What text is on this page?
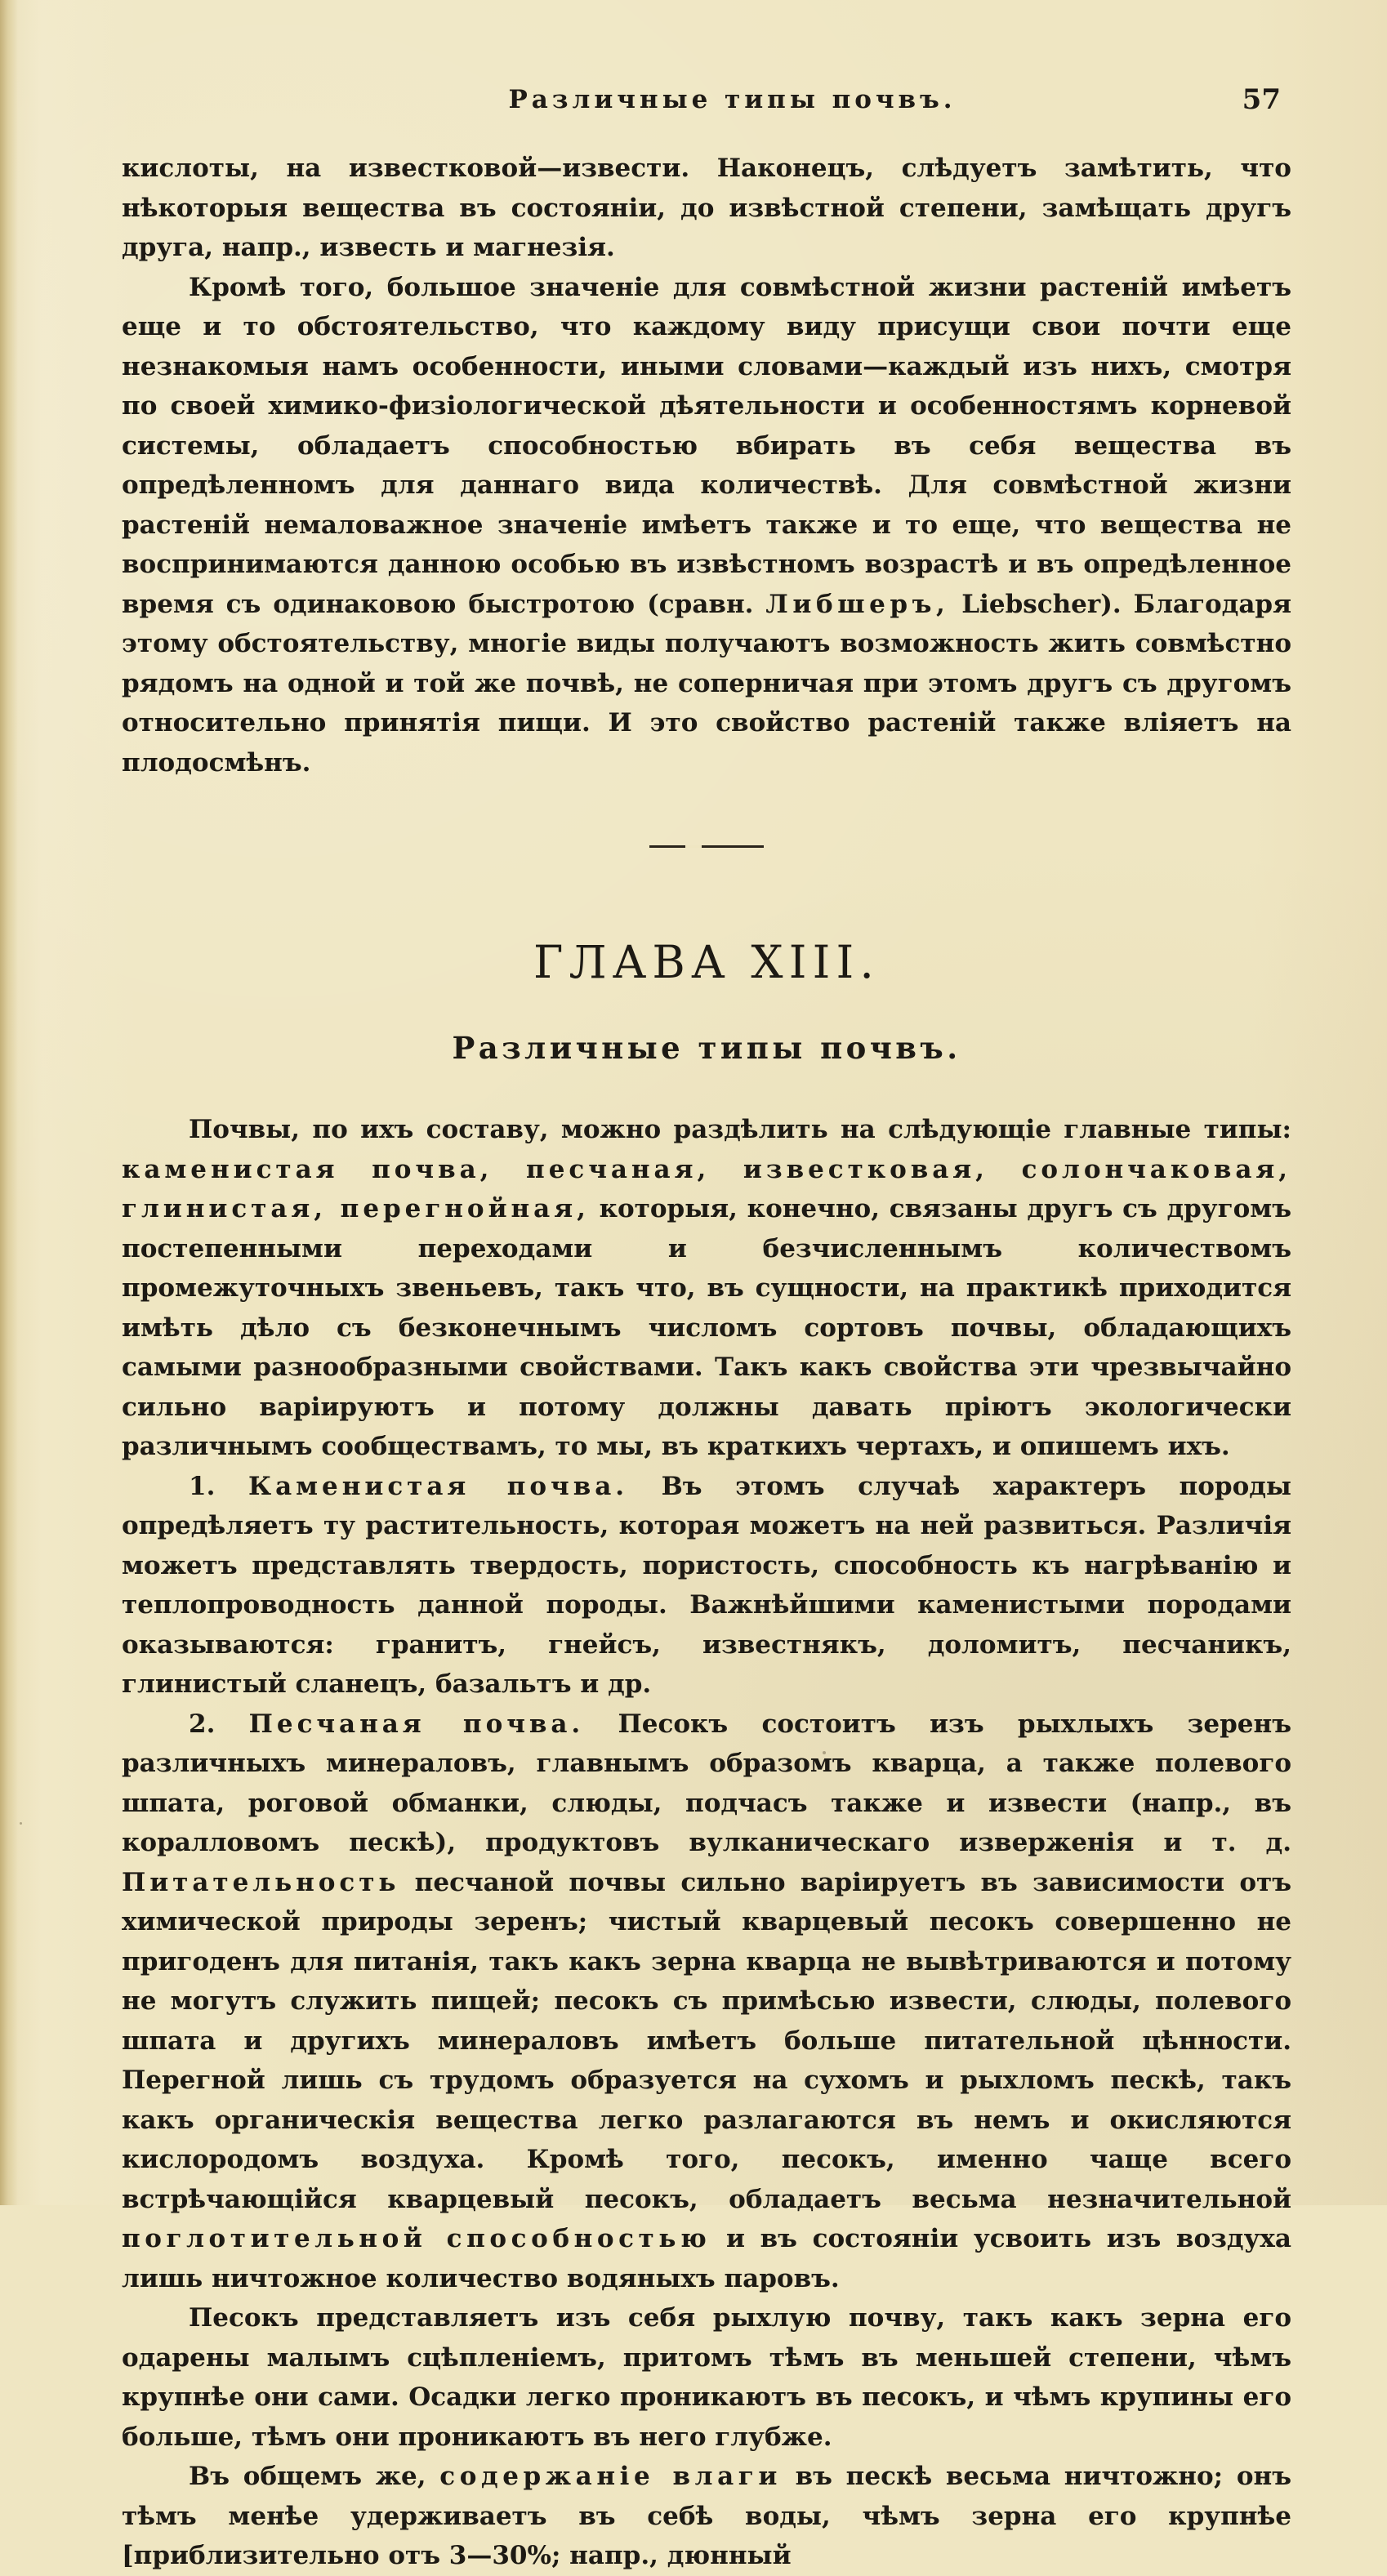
Различные типы почвъ.	57

кислоты, на известковой—извести. Наконецъ, слѣдуетъ замѣтить, что нѣкоторыя вещества въ состояніи, до извѣстной степени, замѣщать другъ друга, напр., известь и магнезія.

Кромѣ того, большое значеніе для совмѣстной жизни растеній имѣетъ еще и то обстоятельство, что каждому виду присущи свои почти еще незнакомыя намъ особенности, иными словами—каждый изъ нихъ, смотря по своей химико-физіологической дѣятельности и особенностямъ корневой системы, обладаетъ способностью вбирать въ себя вещества въ опредѣленномъ для даннаго вида количествѣ. Для совмѣстной жизни растеній немаловажное значеніе имѣетъ также и то еще, что вещества не воспринимаются данною особью въ извѣстномъ возрастѣ и въ опредѣленное время съ одинаковою быстротою (сравн. Либшеръ, Liebscher). Благодаря этому обстоятельству, многіе виды получаютъ возможность жить совмѣстно рядомъ на одной и той же почвѣ, не соперничая при этомъ другъ съ другомъ относительно принятія пищи. И это свойство растеній также вліяетъ на плодосмѣнъ.

ГЛАВА XIII.
Различные типы почвъ.

Почвы, по ихъ составу, можно раздѣлить на слѣдующіе главные типы: каменистая почва, песчаная, известковая, солончаковая, глинистая, перегнойная, которыя, конечно, связаны другъ съ другомъ постепенными переходами и безчисленнымъ количествомъ промежуточныхъ звеньевъ, такъ что, въ сущности, на практикѣ приходится имѣть дѣло съ безконечнымъ числомъ сортовъ почвы, обладающихъ самыми разнообразными свойствами. Такъ какъ свойства эти чрезвычайно сильно варіируютъ и потому должны давать пріютъ экологически различнымъ сообществамъ, то мы, въ краткихъ чертахъ, и опишемъ ихъ.

1. Каменистая почва. Въ этомъ случаѣ характеръ породы опредѣляетъ ту растительность, которая можетъ на ней развиться. Различія можетъ представлять твердость, пористость, способность къ нагрѣванію и теплопроводность данной породы. Важнѣйшими каменистыми породами оказываются: гранитъ, гнейсъ, известнякъ, доломитъ, песчаникъ, глинистый сланецъ, базальтъ и др.

2. Песчаная почва. Песокъ состоитъ изъ рыхлыхъ зеренъ различныхъ минераловъ, главнымъ образомъ кварца, а также полевого шпата, роговой обманки, слюды, подчасъ также и извести (напр., въ коралловомъ пескѣ), продуктовъ вулканическаго изверженія и т. д. Питательность песчаной почвы сильно варіируетъ въ зависимости отъ химической природы зеренъ; чистый кварцевый песокъ совершенно не пригоденъ для питанія, такъ какъ зерна кварца не вывѣтриваются и потому не могутъ служить пищей; песокъ съ примѣсью извести, слюды, полевого шпата и другихъ минераловъ имѣетъ больше питательной цѣнности. Перегной лишь съ трудомъ образуется на сухомъ и рыхломъ пескѣ, такъ какъ органическія вещества легко разлагаются въ немъ и окисляются кислородомъ воздуха. Кромѣ того, песокъ, именно чаще всего встрѣчающійся кварцевый песокъ, обладаетъ весьма незначительной поглотительной способностью и въ состояніи усвоить изъ воздуха лишь ничтожное количество водяныхъ паровъ.

Песокъ представляетъ изъ себя рыхлую почву, такъ какъ зерна его одарены малымъ сцѣпленіемъ, притомъ тѣмъ въ меньшей степени, чѣмъ крупнѣе они сами. Осадки легко проникаютъ въ песокъ, и чѣмъ крупины его больше, тѣмъ они проникаютъ въ него глубже.

Въ общемъ же, содержаніе влаги въ пескѣ весьма ничтожно; онъ тѣмъ менѣе удерживаетъ въ себѣ воды, чѣмъ зерна его крупнѣе [приблизительно отъ 3—30%; напр., дюнный
